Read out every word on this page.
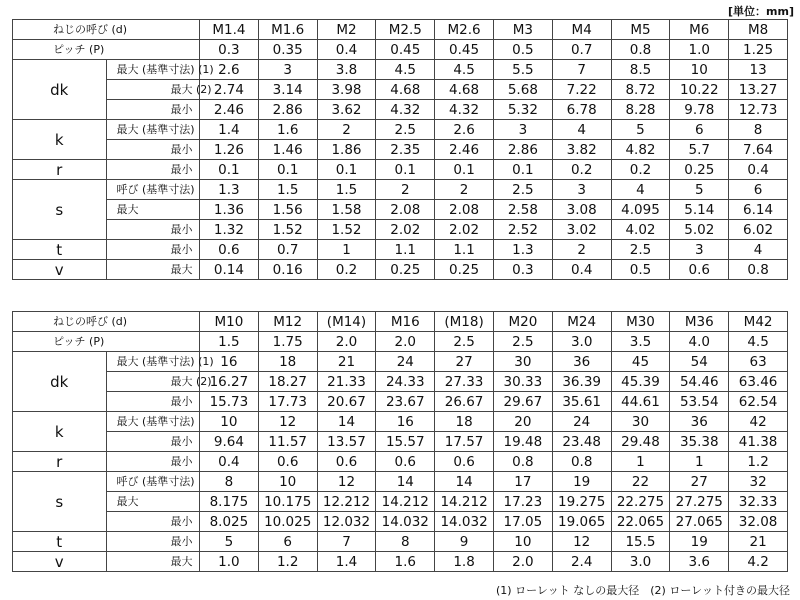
[単位：mm]
ねじの呼び (d)		M1.4	M1.6	M2	M2.5	M2.6	M3	M4	M5	M6	M8
ピッチ (P)		0.3	0.35	0.4	0.45	0.45	0.5	0.7	0.8	1.0	1.25
dk	最大 (基準寸法) (1)	2.6	3	3.8	4.5	4.5	5.5	7	8.5	10	13
	最大 (2)	2.74	3.14	3.98	4.68	4.68	5.68	7.22	8.72	10.22	13.27
	最小	2.46	2.86	3.62	4.32	4.32	5.32	6.78	8.28	9.78	12.73
k	最大 (基準寸法)	1.4	1.6	2	2.5	2.6	3	4	5	6	8
	最小	1.26	1.46	1.86	2.35	2.46	2.86	3.82	4.82	5.7	7.64
r	最小	0.1	0.1	0.1	0.1	0.1	0.1	0.2	0.2	0.25	0.4
s	呼び (基準寸法)	1.3	1.5	1.5	2	2	2.5	3	4	5	6
	最大	1.36	1.56	1.58	2.08	2.08	2.58	3.08	4.095	5.14	6.14
	最小	1.32	1.52	1.52	2.02	2.02	2.52	3.02	4.02	5.02	6.02
t	最小	0.6	0.7	1	1.1	1.1	1.3	2	2.5	3	4
v	最大	0.14	0.16	0.2	0.25	0.25	0.3	0.4	0.5	0.6	0.8
ねじの呼び (d)		M10	M12	(M14)	M16	(M18)	M20	M24	M30	M36	M42
ピッチ (P)		1.5	1.75	2.0	2.0	2.5	2.5	3.0	3.5	4.0	4.5
dk	最大 (基準寸法) (1)	16	18	21	24	27	30	36	45	54	63
	最大 (2)	16.27	18.27	21.33	24.33	27.33	30.33	36.39	45.39	54.46	63.46
	最小	15.73	17.73	20.67	23.67	26.67	29.67	35.61	44.61	53.54	62.54
k	最大 (基準寸法)	10	12	14	16	18	20	24	30	36	42
	最小	9.64	11.57	13.57	15.57	17.57	19.48	23.48	29.48	35.38	41.38
r	最小	0.4	0.6	0.6	0.6	0.6	0.8	0.8	1	1	1.2
s	呼び (基準寸法)	8	10	12	14	14	17	19	22	27	32
	最大	8.175	10.175	12.212	14.212	14.212	17.23	19.275	22.275	27.275	32.33
	最小	8.025	10.025	12.032	14.032	14.032	17.05	19.065	22.065	27.065	32.08
t	最小	5	6	7	8	9	10	12	15.5	19	21
v	最大	1.0	1.2	1.4	1.6	1.8	2.0	2.4	3.0	3.6	4.2
(1) ローレット なしの最大径　(2) ローレット付きの最大径
